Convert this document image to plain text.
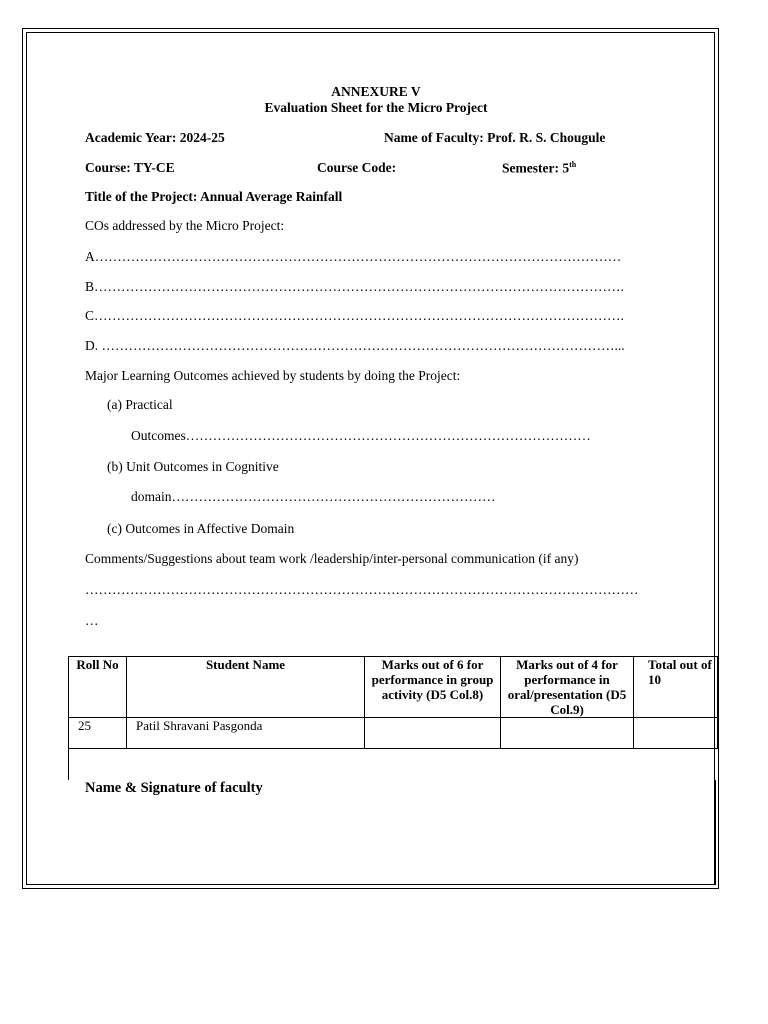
ANNEXURE V
Evaluation Sheet for the Micro Project
Academic Year: 2024-25	Name of Faculty: Prof. R. S. Chougule
Course: TY-CE	Course Code:	Semester: 5th
Title of the Project: Annual Average Rainfall
COs addressed by the Micro Project:
A………………………………………………………………………………………………………
B……………………………………………………………………………………………………….
C……………………………………………………………………………………………………….
D. ……………………………………………………………………………………………………...
Major Learning Outcomes achieved by students by doing the Project:
(a) Practical
Outcomes………………………………………………………………………………
(b) Unit Outcomes in Cognitive
domain………………………………………………………………
(c) Outcomes in Affective Domain
Comments/Suggestions about team work /leadership/inter-personal communication (if any)
……………………………………………………………………………………………………………
…
Roll No	Student Name	Marks out of 6 for performance in group activity (D5 Col.8)	Marks out of 4 for performance in oral/presentation (D5 Col.9)	Total out of 10
25	Patil Shravani Pasgonda			
Name & Signature of faculty
